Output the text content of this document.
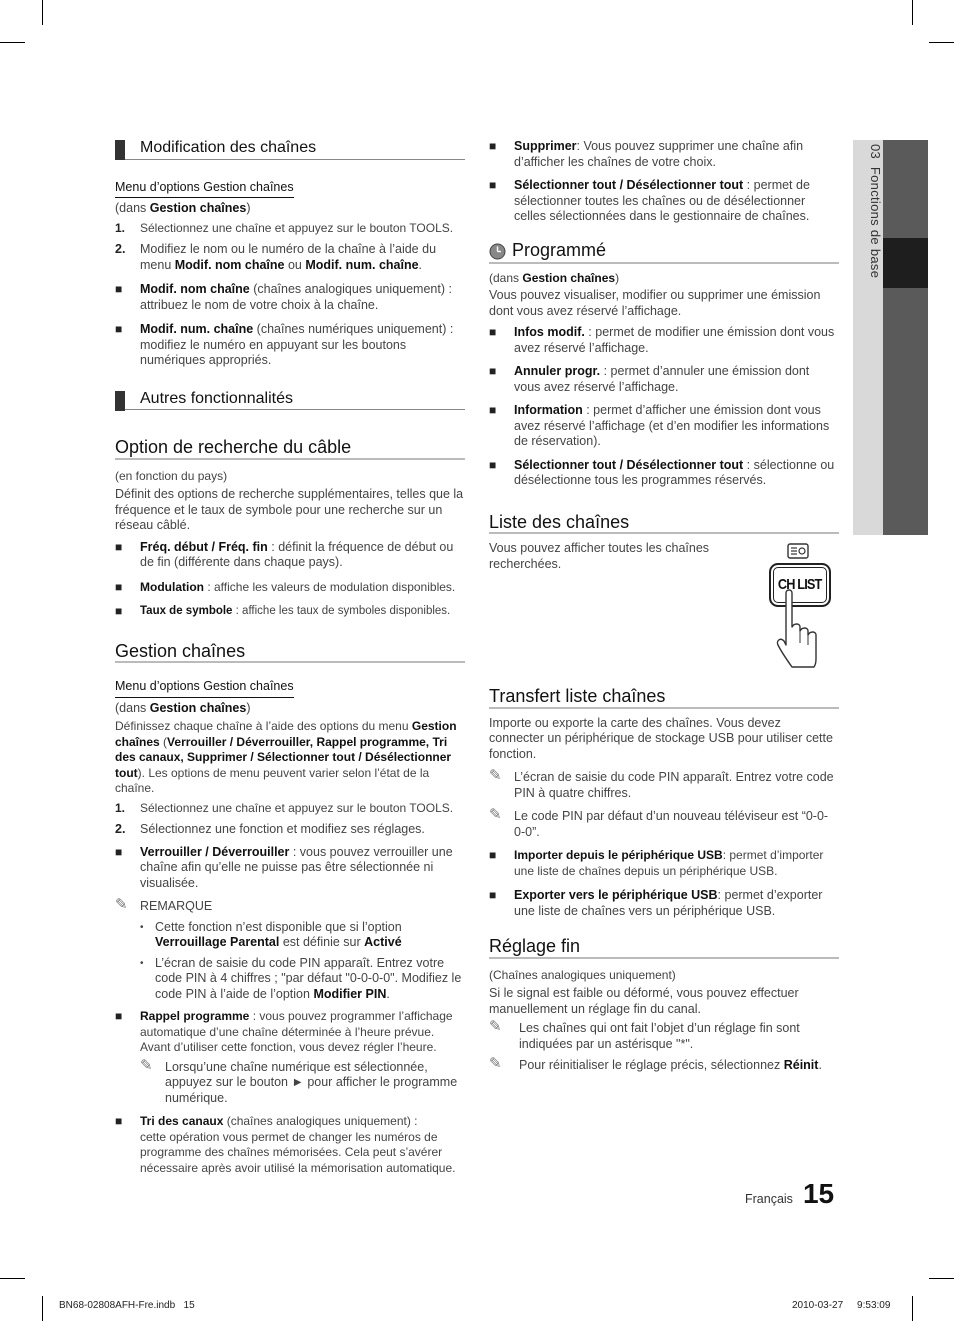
03  Fonctions de base
Modification des chaînes
Menu d’options Gestion chaînes
(dans Gestion chaînes)
1. Sélectionnez une chaîne et appuyez sur le bouton TOOLS.
2. Modifiez le nom ou le numéro de la chaîne à l’aide du menu Modif. nom chaîne ou Modif. num. chaîne.
■ Modif. nom chaîne (chaînes analogiques uniquement) : attribuez le nom de votre choix à la chaîne.
■ Modif. num. chaîne (chaînes numériques uniquement) : modifiez le numéro en appuyant sur les boutons numériques appropriés.
Autres fonctionnalités
Option de recherche du câble
(en fonction du pays)
Définit des options de recherche supplémentaires, telles que la fréquence et le taux de symbole pour une recherche sur un réseau câblé.
■ Fréq. début / Fréq. fin : définit la fréquence de début ou de fin (différente dans chaque pays).
■ Modulation : affiche les valeurs de modulation disponibles.
■ Taux de symbole : affiche les taux de symboles disponibles.
Gestion chaînes
Menu d’options Gestion chaînes
(dans Gestion chaînes)
Définissez chaque chaîne à l’aide des options du menu Gestion chaînes (Verrouiller / Déverrouiller, Rappel programme, Tri des canaux, Supprimer / Sélectionner tout / Désélectionner tout). Les options de menu peuvent varier selon l’état de la chaîne.
1. Sélectionnez une chaîne et appuyez sur le bouton TOOLS.
2. Sélectionnez une fonction et modifiez ses réglages.
■ Verrouiller / Déverrouiller : vous pouvez verrouiller une chaîne afin qu’elle ne puisse pas être sélectionnée ni visualisée.
✎ REMARQUE
• Cette fonction n’est disponible que si l’option Verrouillage Parental est définie sur Activé
• L’écran de saisie du code PIN apparaît. Entrez votre code PIN à 4 chiffres ; "par défaut "0-0-0-0". Modifiez le code PIN à l’aide de l’option Modifier PIN.
■ Rappel programme : vous pouvez programmer l’affichage automatique d’une chaîne déterminée à l’heure prévue. Avant d’utiliser cette fonction, vous devez régler l’heure.
✎ Lorsqu’une chaîne numérique est sélectionnée, appuyez sur le bouton ► pour afficher le programme numérique.
■ Tri des canaux (chaînes analogiques uniquement) :
cette opération vous permet de changer les numéros de programme des chaînes mémorisées. Cela peut s’avérer nécessaire après avoir utilisé la mémorisation automatique.
■ Supprimer: Vous pouvez supprimer une chaîne afin d’afficher les chaînes de votre choix.
■ Sélectionner tout / Désélectionner tout : permet de sélectionner toutes les chaînes ou de désélectionner celles sélectionnées dans le gestionnaire de chaînes.
Programmé
(dans Gestion chaînes)
Vous pouvez visualiser, modifier ou supprimer une émission dont vous avez réservé l’affichage.
■ Infos modif. : permet de modifier une émission dont vous avez réservé l’affichage.
■ Annuler progr. : permet d’annuler une émission dont vous avez réservé l’affichage.
■ Information : permet d’afficher une émission dont vous avez réservé l’affichage (et d’en modifier les informations de réservation).
■ Sélectionner tout / Désélectionner tout : sélectionne ou désélectionne tous les programmes réservés.
Liste des chaînes
Vous pouvez afficher toutes les chaînes recherchées.
CH LIST
Transfert liste chaînes
Importe ou exporte la carte des chaînes. Vous devez connecter un périphérique de stockage USB pour utiliser cette fonction.
✎ L’écran de saisie du code PIN apparaît. Entrez votre code PIN à quatre chiffres.
✎ Le code PIN par défaut d’un nouveau téléviseur est “0-0-0-0”.
■ Importer depuis le périphérique USB: permet d’importer une liste de chaînes depuis un périphérique USB.
■ Exporter vers le périphérique USB: permet d’exporter une liste de chaînes vers un périphérique USB.
Réglage fin
(Chaînes analogiques uniquement)
Si le signal est faible ou déformé, vous pouvez effectuer manuellement un réglage fin du canal.
✎ Les chaînes qui ont fait l’objet d’un réglage fin sont indiquées par un astérisque "*".
✎ Pour réinitialiser le réglage précis, sélectionnez Réinit.
Français 15
BN68-02808AFH-Fre.indb   15	2010-03-27     9:53:09
